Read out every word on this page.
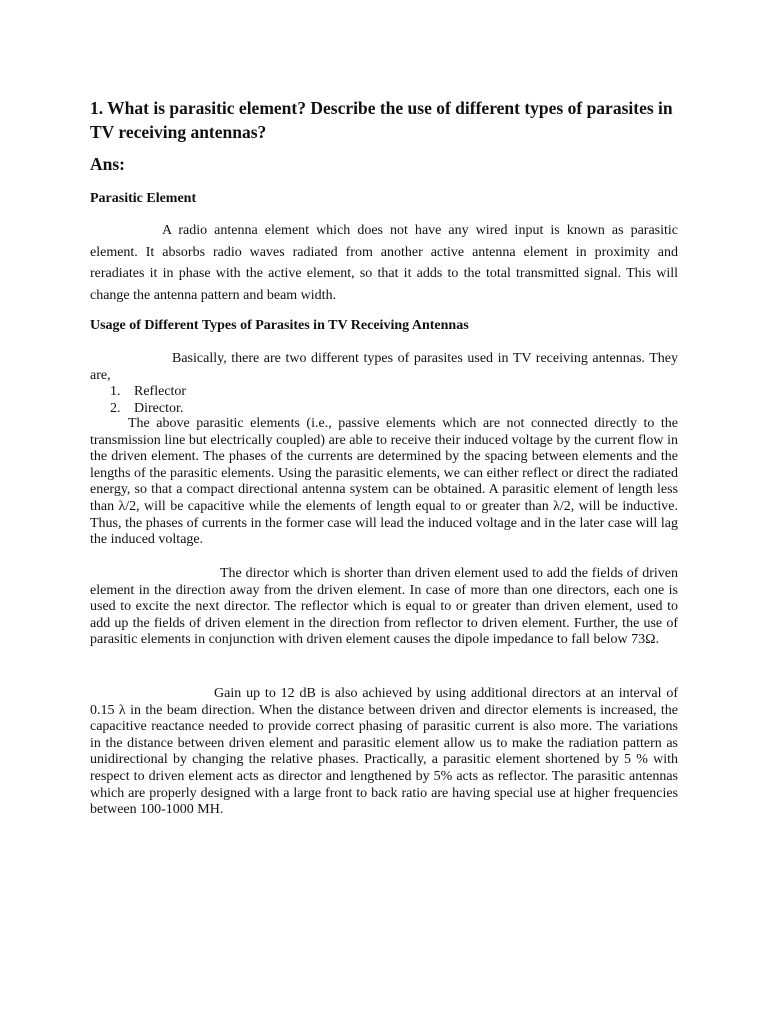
1. What is parasitic element? Describe the use of different types of parasites in TV receiving antennas?

Ans:

Parasitic Element

A radio antenna element which does not have any wired input is known as parasitic element. It absorbs radio waves radiated from another active antenna element in proximity and reradiates it in phase with the active element, so that it adds to the total transmitted signal. This will change the antenna pattern and beam width.

Usage of Different Types of Parasites in TV Receiving Antennas

Basically, there are two different types of parasites used in TV receiving antennas. They are,

1. Reflector
2. Director.

The above parasitic elements (i.e., passive elements which are not connected directly to the transmission line but electrically coupled) are able to receive their induced voltage by the current flow in the driven element. The phases of the currents are determined by the spacing between elements and the lengths of the parasitic elements. Using the parasitic elements, we can either reflect or direct the radiated energy, so that a compact directional antenna system can be obtained. A parasitic element of length less than λ/2, will be capacitive while the elements of length equal to or greater than λ/2, will be inductive. Thus, the phases of currents in the former case will lead the induced voltage and in the later case will lag the induced voltage.

The director which is shorter than driven element used to add the fields of driven element in the direction away from the driven element. In case of more than one directors, each one is used to excite the next director. The reflector which is equal to or greater than driven element, used to add up the fields of driven element in the direction from reflector to driven element. Further, the use of parasitic elements in conjunction with driven element causes the dipole impedance to fall below 73Ω.

Gain up to 12 dB is also achieved by using additional directors at an interval of 0.15 λ in the beam direction. When the distance between driven and director elements is increased, the capacitive reactance needed to provide correct phasing of parasitic current is also more. The variations in the distance between driven element and parasitic element allow us to make the radiation pattern as unidirectional by changing the relative phases. Practically, a parasitic element shortened by 5 % with respect to driven element acts as director and lengthened by 5% acts as reflector. The parasitic antennas which are properly designed with a large front to back ratio are having special use at higher frequencies between 100-1000 MH.
